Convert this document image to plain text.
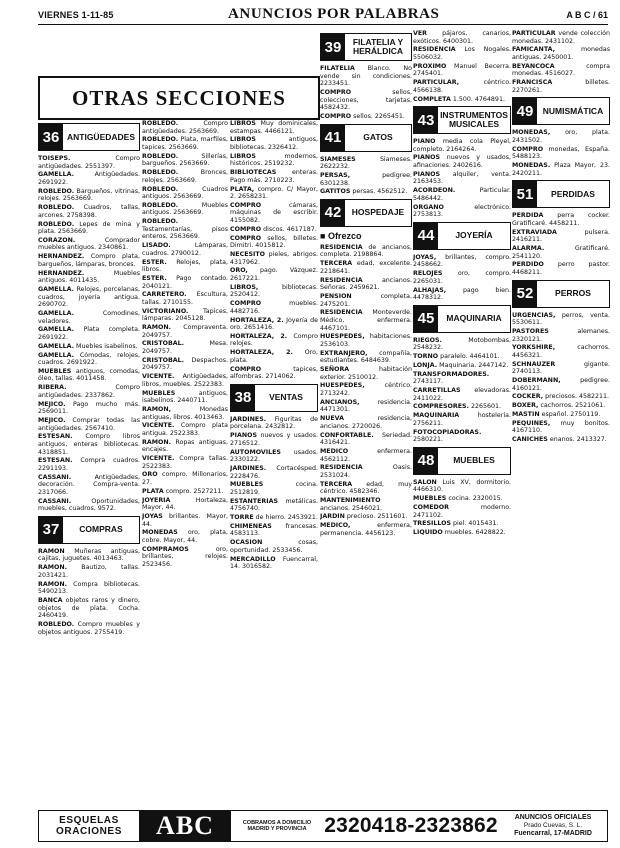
VIERNES 1-11-85	ANUNCIOS POR PALABRAS	A B C / 61
OTRAS SECCIONES
36 ANTIGÜEDADES

TOISEPS.	Compro antigüedades. 2551397.

GAMELLA.	Antigüedades. 2691922.

ROBLEDO. Bargueños, vitrinas, relojes. 2563669.

ROBLEDO. Cuadros, tallas, arcones. 2758398.

ROBLEDO. Lepes de mina y plata. 2563669.

CORAZON.	Comprador muebles antiguos. 2340861.

HERNANDEZ. Compro plata, bargueños, lámparas, bronces.

HERNANDEZ.	Muebles antiguos. 4011435.

GAMELLA. Relojes, porcelanas, cuadros, joyería antigua. 2690702.

GAMELLA.	Comodines, veladores.

GAMELLA. Plata completa. 2691922.

GAMELLA. Muebles isabelinos.

GAMELLA. Cómodas, relojes, cuadros. 2691922.

MUEBLES antiguos, comodas, óleo, tallas. 4011458.

RIBERA.	Compro antigüedades. 2337862.

MEJICO. Pago mucho más. 2569011.

MEJICO. Comprar todas las antigüedades. 2567410.

ESTESAN. Compro libros antiguos, enteras bibliotecas. 4318851.

ESTESAN. Compra cuadros. 2291193.

CASSANI.	Antigüedades, decoración. Compra-venta. 2317066.

CASSANI.	Oportunidades, muebles, cuadros. 9572.

37	COMPRAS

RAMON Muñeras antiguas, cajitas, juguetes. 4013463.

RAMON. Bautizo, tallas. 2031421.

RAMON. Compra bibliotecas. 5490213.

BANCA objetos raros y dinero, objetos de plata. Cocha. 2460419.

ROBLEDO. Compro muebles y objetos antiguos. 2755419.

ROBLEDO.	Compro antigüedades. 2563669.

ROBLEDO. Plata, marfiles, tapices. 2563669.

ROBLEDO.	Sillerías, bargueños. 2563669.

ROBLEDO.	Bronces, relojes. 2563669.

ROBLEDO.	Cuadros antiguos. 2563669.

ROBLEDO.	Muebles antiguos. 2563669.

ROBLEDO. Testamentarías, pisos enteros. 2563669.

LISADO.	Lámparas, cuadros. 2790012.

ESTER. Relojes, plata, libros.

ESTER. Pago contado. 2040121.

CARRETERO. Escultura, tallas. 2710155.

VICTORIANO. Tapices, lámparas. 2045128.

RAMON. Compraventa. 2049757.

CRISTOBAL.	Mesa. 2049757.

CRISTOBAL. Despachos. 2049757.

VICENTE. Antigüedades, libros, muebles. 2522383.

MUEBLES	antiguos, isabelinos. 2440711.

RAMON,	Monedas antiguas, libros. 4013463.

VICENTE. Compro plata antigua. 2522383.

RAMON. Ropas antiguas, encajes.

VICENTE. Compra tallas. 2522383.

ORO compro. Millonarios, 27.

PLATA compro. 2527211.

JOYERIA	Hortaleza, Mayor, 44.

JOYAS brillantes. Mayor, 44.

MONEDAS oro, plata, cobre. Mayor, 44.

COMPRAMOS	oro, brillantes, relojes. 2523456.

LIBROS Muy dominicales, estampas. 4466121.

LIBROS	antiguos, bibliotecas. 2326412.

LIBROS	modernos, históricos. 2519232.

BIBLIOTECAS	enteras. Pago más. 2710223.

PLATA, compro. C/ Mayor, 2. 2658231.

COMPRO	cámaras, máquinas de escribir. 4155082.

COMPRO discos. 4617187.

COMPRO sellos, billetes. Dimitri. 4015812.

NECESITO pieles, abrigos. 4317962.

ORO, pago. Vázquez. 2617221.

LIBROS,	bibliotecas. 2520412.

COMPRO	muebles. 4482716.

HORTALEZA, 2. Joyería de oro. 2651416.

HORTALEZA, 2. Compro relojes.

HORTALEZA, 2. Oro, plata.

COMPRO	tapices, alfombras. 2714062.

38	VENTAS

JARDINES. Figuritas de porcelana. 2432812.

PIANOS nuevos y usados. 2716512.

AUTOMOVILES usados. 2330122.

JARDINES. Cortacésped. 2228476.

MUEBLES	cocina. 2512819.

ESTANTERIAS metálicas. 4756740.

TORRE de hierro. 2453921.

CHIMENEAS francesas. 4583113.

OCASION	cosas, oportunidad. 2533456.

MERCADILLO Fuencarral, 14. 3016582.

39	FILATELIA Y HERÁLDICA

FILATELIA Blanco. No vende sin condiciones. 2233451.

COMPRO	sellos, colecciones, tarjetas. 4582432.

COMPRO sellos. 2265451.

41	GATOS

SIAMESES	Siameses. 2622232.

PERSAS,	pedigree. 6301238.

GATITOS persas. 4562512.

42	HOSPEDAJE
■ Ofrezco

RESIDENCIA de ancianos, completa. 2198864.

TERCERA edad, excelente. 2218641.

RESIDENCIA	ancianos. Señoras. 2459621.

PENSION	completa. 2475201.

RESIDENCIA Monteverde. Médico, enfermera. 4467101.

HUESPEDES, habitaciones. 2536103.

EXTRANJERO, compañía, estudiantes. 6484639.

SEÑORA	habitación exterior. 2510012.

HUESPEDES,	céntrico. 2713242.

ANCIANOS,	residencia. 4471301.

NUEVA	residencia, ancianos. 2720026.

CONFORTABLE. Seriedad. 4316421.

MEDICO	enfermera. 4562112.

RESIDENCIA	Oasis. 2531024.

TERCERA edad, muy céntrico. 4582346.

MANTENIMIENTO ancianos. 2546021.

JARDIN precioso. 2511601.

MEDICO,	enfermera, permanencia. 4456123.

VER pájaros, canarios, exóticos. 6400301.

RESIDENCIA Los Nogales. 5506032.

PROXIMO Manuel Becerra. 2745401.

PARTICULAR,	céntrico. 4566138.

COMPLETA 1.500. 4764891.

43 INSTRUMENTOS MUSICALES

PIANO media cola Pleyel, completo. 2164264.

PIANOS nuevos y usados, afinaciones. 2402616.

PIANOS alquiler, venta. 2163453.

ACORDEON.	Particular. 5486442.

ORGANO	electrónico. 2753813.

44	JOYERÍA

JOYAS, brillantes, compro. 2458662.

RELOJES oro, compro. 2265031.

ALHAJAS,	pago bien. 4478312.

45	MAQUINARIA

RIEGOS.	Motobombas. 2548232.

TORNO paralelo. 4464101.

LONJA. Maquinaria. 2447142.

TRANSFORMADORES. 2743117.

CARRETILLAS elevadoras. 2411022.

COMPRESORES. 2265601.

MAQUINARIA	hostelería. 2756211.

FOTOCOPIADORAS. 2580221.

48	MUEBLES

SALON Luis XV, dormitorio. 4466310.

MUEBLES cocina. 2320015.

COMEDOR	moderno. 2471102.

TRESILLOS piel. 4015431.

LIQUIDO muebles. 6428822.

PARTICULAR vende colección monedas. 2431102.

FAMICANTA,	monedas antiguas. 2450001.

BEYANCOCA	compra monedas. 4516027.

FRANCISCA	billetes. 2270261.

49	NUMISMÁTICA

MONEDAS, oro, plata. 2431502.

COMPRO monedas, España. 5488123.

MONEDAS. Plaza Mayor, 23. 2420211.

51	PERDIDAS

PERDIDA perra cocker. Gratificaré. 4458211.

EXTRAVIADA	pulsera. 2416211.

ALARMA.	Gratificaré. 2541120.

PERDIDO perro pastor. 4468211.

52	PERROS

URGENCIAS, perros, venta. 5530611.

PASTORES	alemanes. 2320121.

YORKSHIRE,	cachorros. 4456321.

SCHNAUZER	gigante. 2740113.

DOBERMANN,	pedigree. 4160121.

COCKER, preciosos. 4582211.

BOXER, cachorros. 2521061.

MASTIN español. 2750119.

PEQUINES, muy bonitos. 4167110.

CANICHES enanos. 2413327.

ESQUELAS
ORACIONES	ABC	COBRAMOS A DOMICILIO MADRID Y PROVINCIA 2320418-2323862	ANUNCIOS OFICIALES
Prado Cuevas, S. L.
Fuencarral, 17-MADRID
